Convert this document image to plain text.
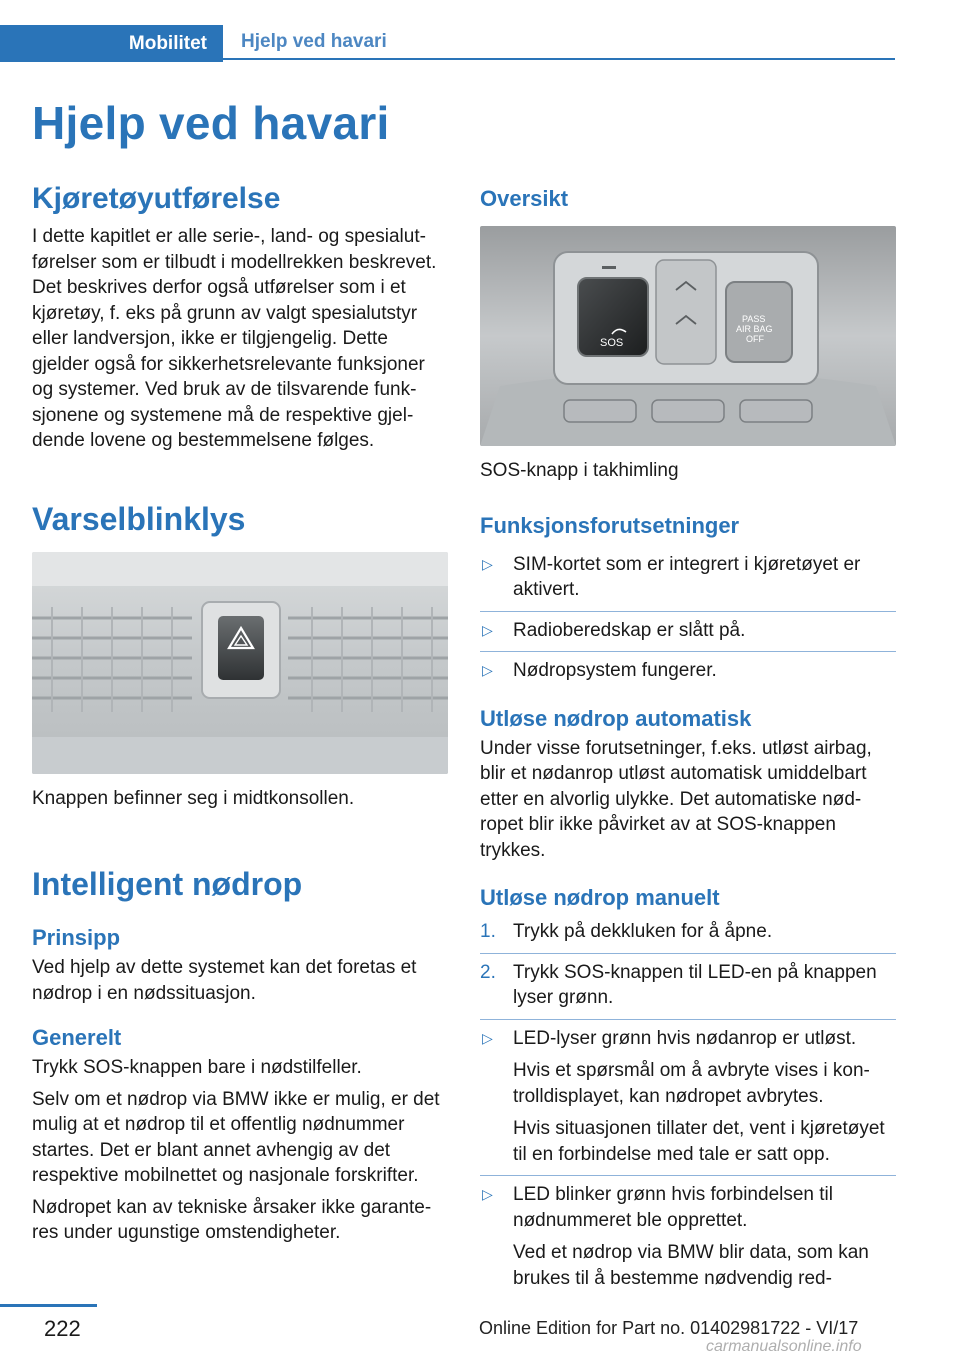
Mobilitet	Hjelp ved havari
Hjelp ved havari
Kjøretøyutførelse

I dette kapitlet er alle serie-, land- og spesialutførelser som er tilbudt i modellrekken beskrevet. Det beskrives derfor også utførelser som i et kjøretøy, f. eks på grunn av valgt spesialutstyr eller landversjon, ikke er tilgjengelig. Dette gjelder også for sikkerhetsrelevante funksjoner og systemer. Ved bruk av de tilsvarende funksjonene og systemene må de respektive gjeldende lovene og bestemmelsene følges.

Varselblinklys
Knappen befinner seg i midtkonsollen.
Intelligent nødrop
Prinsipp

Ved hjelp av dette systemet kan det foretas et nødrop i en nødssituasjon.

Generelt

Trykk SOS-knappen bare i nødstilfeller.

Selv om et nødrop via BMW ikke er mulig, er det mulig at et nødrop til et offentlig nødnummer startes. Det er blant annet avhengig av det respektive mobilnettet og nasjonale forskrifter.

Nødropet kan av tekniske årsaker ikke garanteres under ugunstige omstendigheter.

Oversikt
SOS
PASS
AIR BAG
OFF
SOS-knapp i takhimling
Funksjonsforutsetninger
▷ SIM-kortet som er integrert i kjøretøyet er aktivert.
▷ Radioberedskap er slått på.
▷ Nødropsystem fungerer.
Utløse nødrop automatisk

Under visse forutsetninger, f.eks. utløst airbag, blir et nødanrop utløst automatisk umiddelbart etter en alvorlig ulykke. Det automatiske nødropet blir ikke påvirket av at SOS-knappen trykkes.

Utløse nødrop manuelt
1. Trykk på dekkluken for å åpne.
2. Trykk SOS-knappen til LED-en på knappen lyser grønn.
▷ LED-lyser grønn hvis nødanrop er utløst.
Hvis et spørsmål om å avbryte vises i kontrolldisplayet, kan nødropet avbrytes.
Hvis situasjonen tillater det, vent i kjøretøyet til en forbindelse med tale er satt opp.
▷ LED blinker grønn hvis forbindelsen til nødnummeret ble opprettet.
Ved et nødrop via BMW blir data, som kan brukes til å bestemme nødvendig red-
222	Online Edition for Part no. 01402981722 - VI/17
carmanualsonline.info
